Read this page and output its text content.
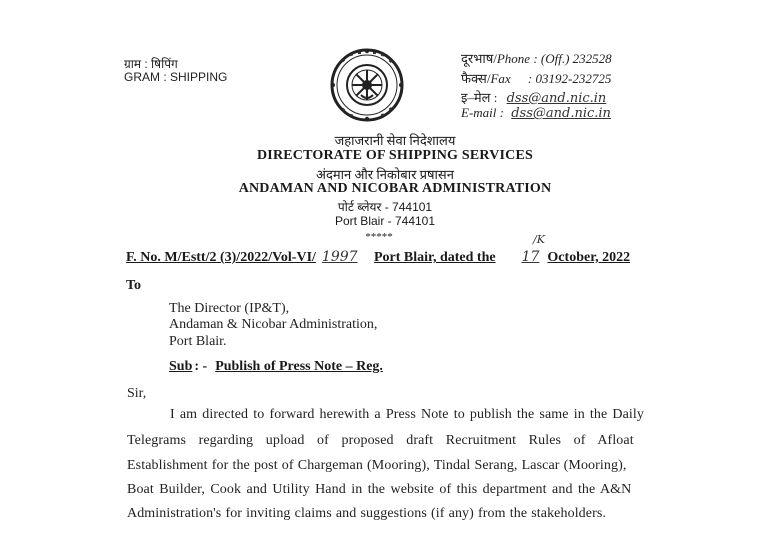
ग्राम : षिपिंग
GRAM : SHIPPING
दूरभाष/Phone : (Off.) 232528
फैक्स/Fax : 03192-232725
इ–मेल : dss@and.nic.in
E-mail : dss@and.nic.in
जहाजरानी सेवा निदेशालय
DIRECTORATE OF SHIPPING SERVICES
अंदमान और निकोबार प्रषासन
ANDAMAN AND NICOBAR ADMINISTRATION
पोर्ट ब्लेयर - 744101
Port Blair - 744101
*****
F. No. M/Estt/2 (3)/2022/Vol-VI/ 1997
/K
Port Blair, dated the 17 October, 2022
To
The Director (IP&T),
Andaman & Nicobar Administration,
Port Blair.
Sub : - Publish of Press Note – Reg.
Sir,
I am directed to forward herewith a Press Note to publish the same in the Daily
Telegrams regarding upload of proposed draft Recruitment Rules of Afloat
Establishment for the post of Chargeman (Mooring), Tindal Serang, Lascar (Mooring),
Boat Builder, Cook and Utility Hand in the website of this department and the A&N
Administration's for inviting claims and suggestions (if any) from the stakeholders.
